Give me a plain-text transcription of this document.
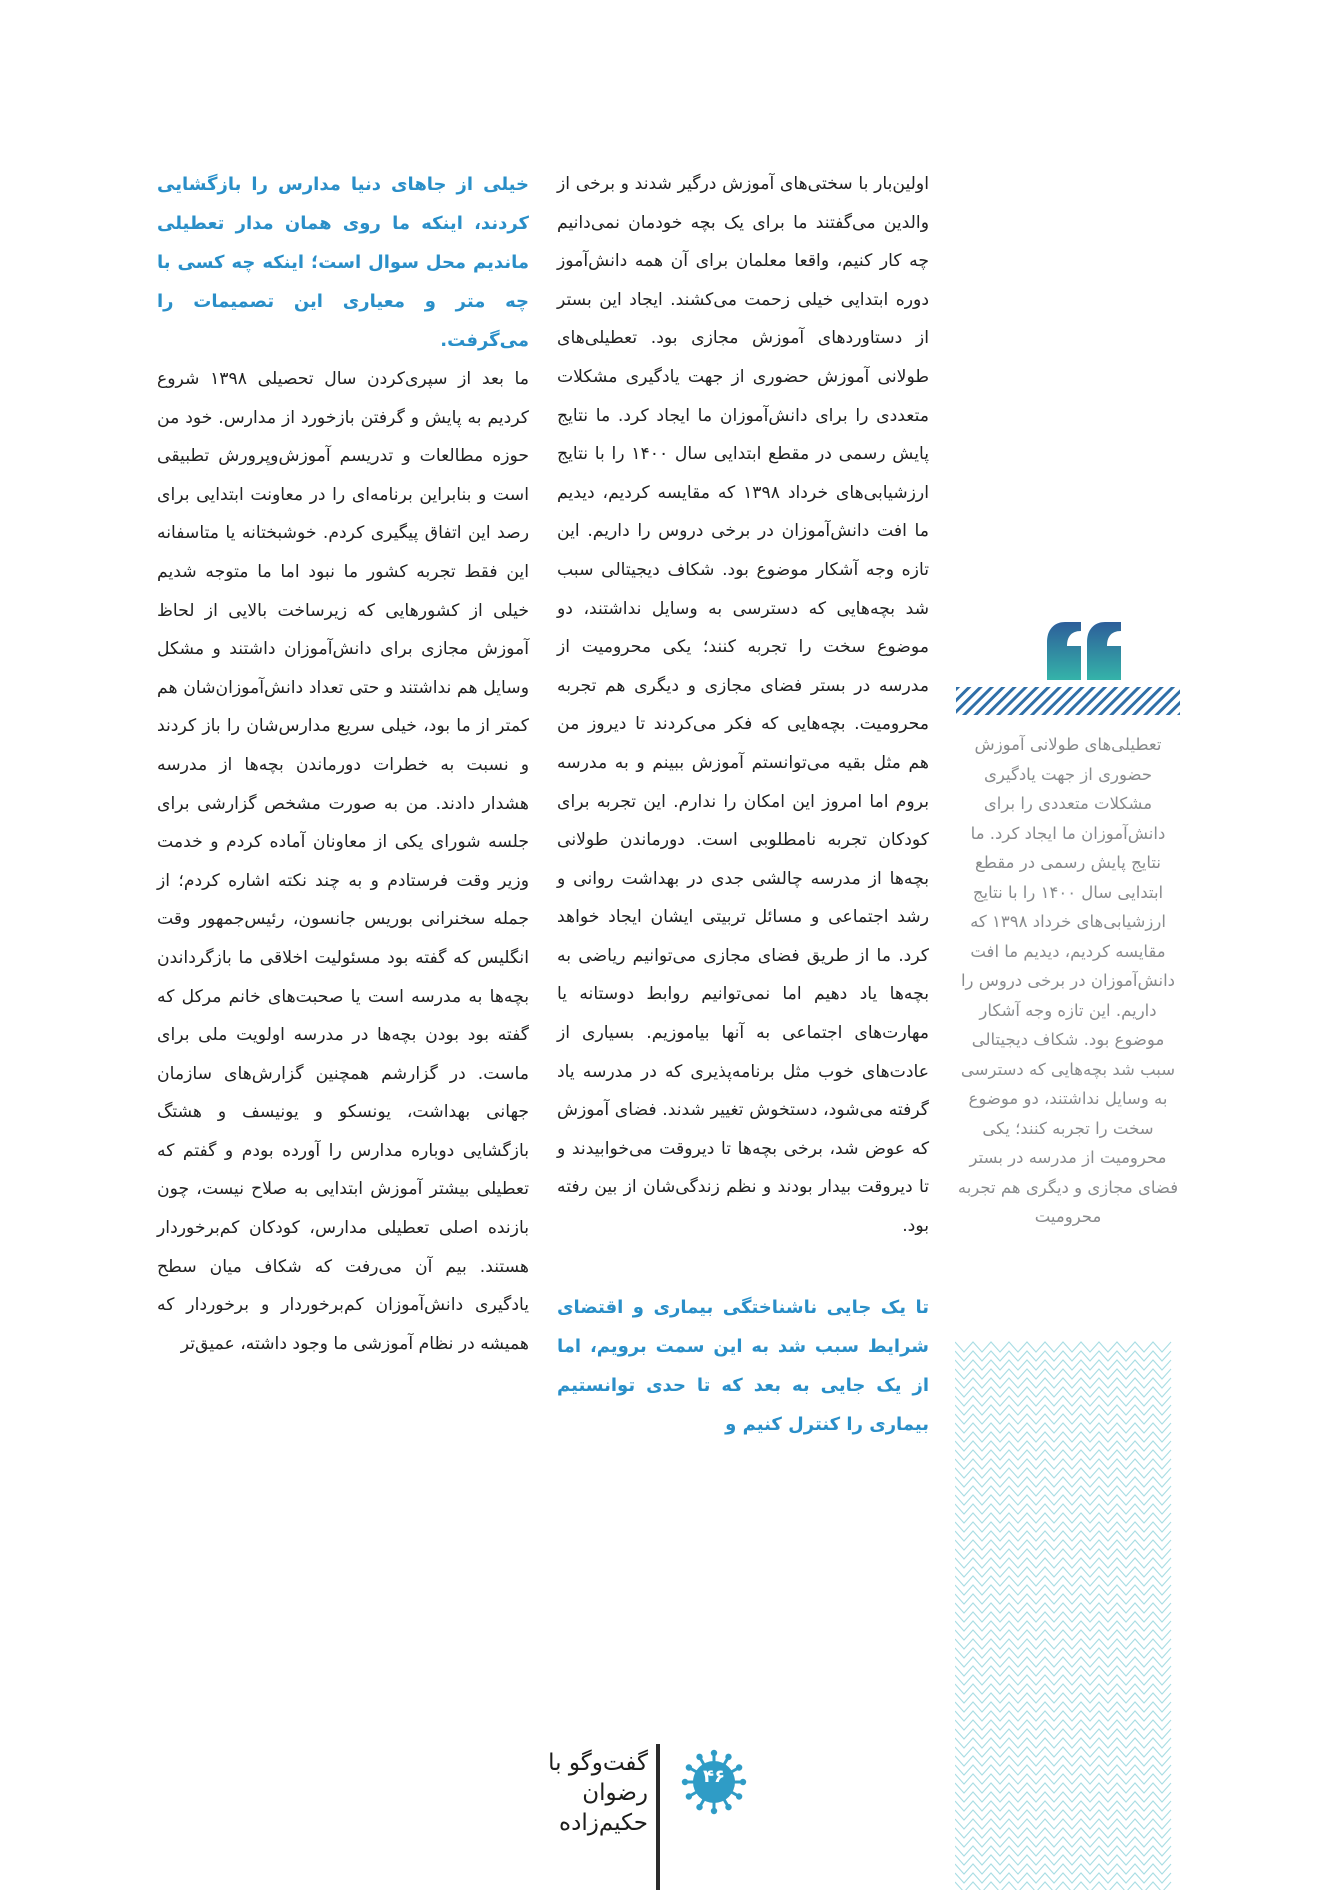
اولین‌بار با سختی‌های آموزش درگیر شدند و برخی از والدین می‌گفتند ما برای یک بچه خودمان نمی‌دانیم چه کار کنیم، واقعا معلمان برای آن همه دانش‌آموز دوره ابتدایی خیلی زحمت می‌کشند. ایجاد این بستر از دستاوردهای آموزش مجازی بود. تعطیلی‌های طولانی آموزش حضوری از جهت یادگیری مشکلات متعددی را برای دانش‌آموزان ما ایجاد کرد. ما نتایج پایش رسمی در مقطع ابتدایی سال ۱۴۰۰ را با نتایج ارزشیابی‌های خرداد ۱۳۹۸ که مقایسه کردیم، دیدیم ما افت دانش‌آموزان در برخی دروس را داریم. این تازه وجه آشکار موضوع بود. شکاف دیجیتالی سبب شد بچه‌هایی که دسترسی به وسایل نداشتند، دو موضوع سخت را تجربه کنند؛ یکی محرومیت از مدرسه در بستر فضای مجازی و دیگری هم تجربه محرومیت. بچه‌هایی که فکر می‌کردند تا دیروز من هم مثل بقیه می‌توانستم آموزش ببینم و به مدرسه بروم اما امروز این امکان را ندارم. این تجربه برای کودکان تجربه نامطلوبی است. دورماندن طولانی بچه‌ها از مدرسه چالشی جدی در بهداشت روانی و رشد اجتماعی و مسائل تربیتی ایشان ایجاد خواهد کرد. ما از طریق فضای مجازی می‌توانیم ریاضی به بچه‌ها یاد دهیم اما نمی‌توانیم روابط دوستانه یا مهارت‌های اجتماعی به آنها بیاموزیم. بسیاری از عادت‌های خوب مثل برنامه‌پذیری که در مدرسه یاد گرفته می‌شود، دستخوش تغییر شدند. فضای آموزش که عوض شد، برخی بچه‌ها تا دیروقت می‌خوابیدند و تا دیروقت بیدار بودند و نظم زندگی‌شان از بین رفته بود.

تا یک جایی ناشناختگی بیماری و اقتضای شرایط سبب شد به این سمت برویم، اما از یک جایی به بعد که تا حدی توانستیم بیماری را کنترل کنیم و

خیلی از جاهای دنیا مدارس را بازگشایی کردند، اینکه ما روی همان مدار تعطیلی ماندیم محل سوال است؛ اینکه چه کسی با چه متر و معیاری این تصمیمات را می‌گرفت.

ما بعد از سپری‌کردن سال تحصیلی ۱۳۹۸ شروع کردیم به پایش و گرفتن بازخورد از مدارس. خود من حوزه مطالعات و تدریسم آموزش‌وپرورش تطبیقی است و بنابراین برنامه‌ای را در معاونت ابتدایی برای رصد این اتفاق پیگیری کردم. خوشبختانه یا متاسفانه این فقط تجربه کشور ما نبود اما ما متوجه شدیم خیلی از کشورهایی که زیرساخت بالایی از لحاظ آموزش مجازی برای دانش‌آموزان داشتند و مشکل وسایل هم نداشتند و حتی تعداد دانش‌آموزان‌شان هم کمتر از ما بود، خیلی سریع مدارس‌شان را باز کردند و نسبت به خطرات دورماندن بچه‌ها از مدرسه هشدار دادند. من به صورت مشخص گزارشی برای جلسه شورای یکی از معاونان آماده کردم و خدمت وزیر وقت فرستادم و به چند نکته اشاره کردم؛ از جمله سخنرانی بوریس جانسون، رئیس‌جمهور وقت انگلیس که گفته بود مسئولیت اخلاقی ما بازگرداندن بچه‌ها به مدرسه است یا صحبت‌های خانم مرکل که گفته بود بودن بچه‌ها در مدرسه اولویت ملی برای ماست. در گزارشم همچنین گزارش‌های سازمان جهانی بهداشت، یونسکو و یونیسف و هشتگ بازگشایی دوباره مدارس را آورده بودم و گفتم که تعطیلی بیشتر آموزش ابتدایی به صلاح نیست، چون بازنده اصلی تعطیلی مدارس، کودکان کم‌برخوردار هستند. بیم آن می‌رفت که شکاف میان سطح یادگیری دانش‌آموزان کم‌برخوردار و برخوردار که همیشه در نظام آموزشی ما وجود داشته، عمیق‌تر

تعطیلی‌های طولانی آموزش حضوری از جهت یادگیری مشکلات متعددی را برای دانش‌آموزان ما ایجاد کرد. ما نتایج پایش رسمی در مقطع ابتدایی سال ۱۴۰۰ را با نتایج ارزشیابی‌های خرداد ۱۳۹۸ که مقایسه کردیم، دیدیم ما افت دانش‌آموزان در برخی دروس را داریم. این تازه وجه آشکار موضوع بود. شکاف دیجیتالی سبب شد بچه‌هایی که دسترسی به وسایل نداشتند، دو موضوع سخت را تجربه کنند؛ یکی محرومیت از مدرسه در بستر فضای مجازی و دیگری هم تجربه محرومیت
۴۶
گفت‌وگو با
رضوان حکیم‌زاده
